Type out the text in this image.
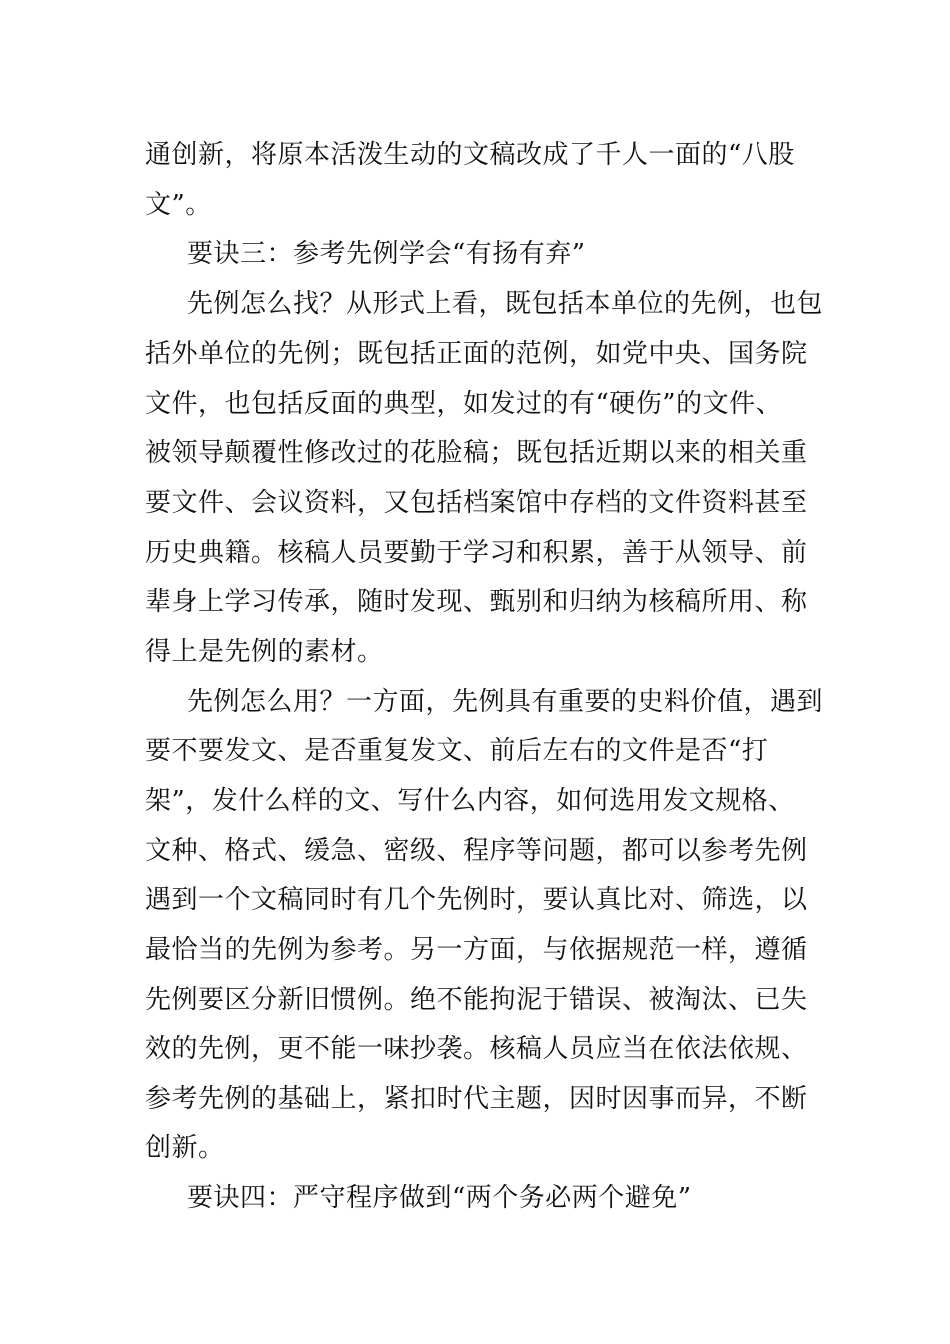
通创新，将原本活泼生动的文稿改成了千人一面的“八股
文”。
要诀三：参考先例学会“有扬有弃”
先例怎么找？从形式上看，既包括本单位的先例，也包
括外单位的先例；既包括正面的范例，如党中央、国务院
文件，也包括反面的典型，如发过的有“硬伤”的文件、
被领导颠覆性修改过的花脸稿；既包括近期以来的相关重
要文件、会议资料，又包括档案馆中存档的文件资料甚至
历史典籍。核稿人员要勤于学习和积累，善于从领导、前
辈身上学习传承，随时发现、甄别和归纳为核稿所用、称
得上是先例的素材。
先例怎么用？一方面，先例具有重要的史料价值，遇到
要不要发文、是否重复发文、前后左右的文件是否“打
架”，发什么样的文、写什么内容，如何选用发文规格、
文种、格式、缓急、密级、程序等问题，都可以参考先例
遇到一个文稿同时有几个先例时，要认真比对、筛选，以
最恰当的先例为参考。另一方面，与依据规范一样，遵循
先例要区分新旧惯例。绝不能拘泥于错误、被淘汰、已失
效的先例，更不能一味抄袭。核稿人员应当在依法依规、
参考先例的基础上，紧扣时代主题，因时因事而异，不断
创新。
要诀四：严守程序做到“两个务必两个避免”
